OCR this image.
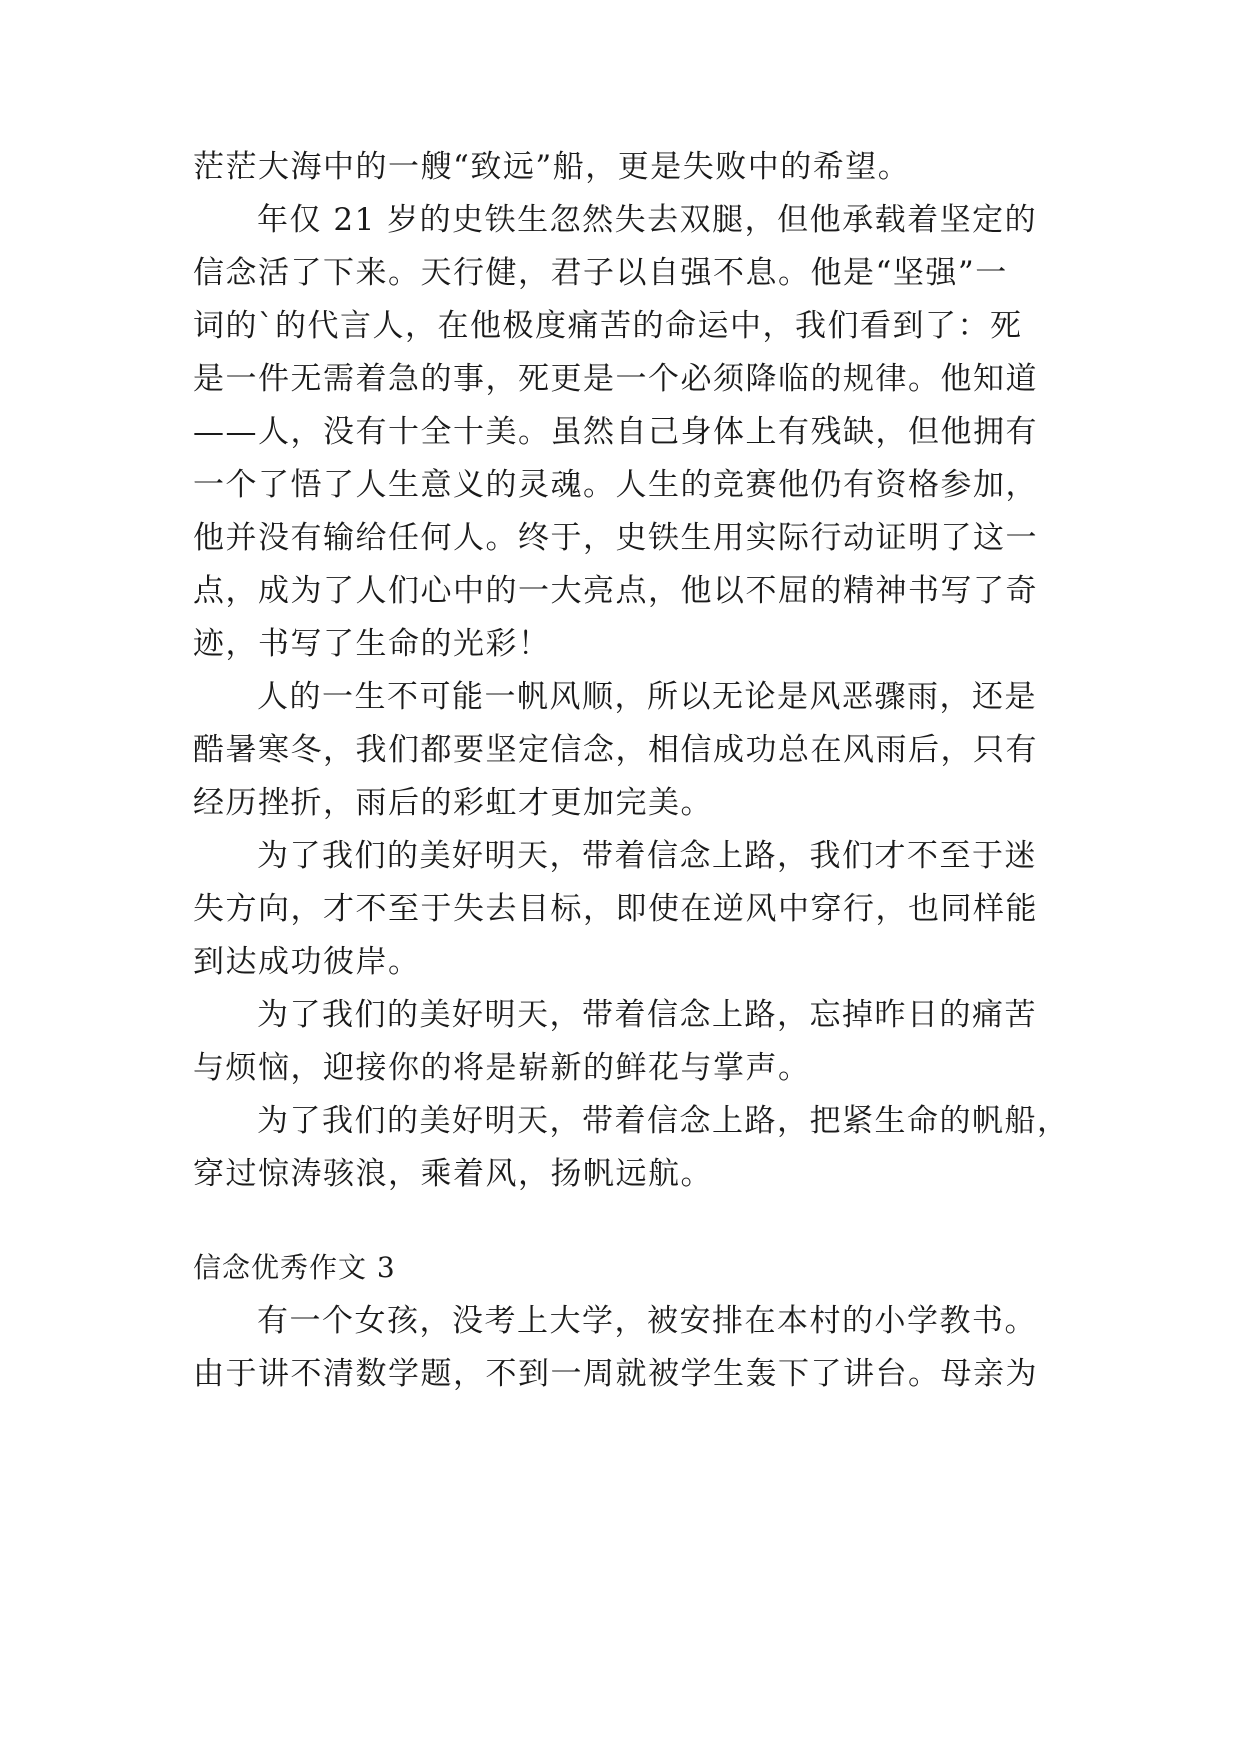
茫茫大海中的一艘“致远”船，更是失败中的希望。
年仅 21 岁的史铁生忽然失去双腿，但他承载着坚定的
信念活了下来。天行健，君子以自强不息。他是“坚强”一
词的`的代言人，在他极度痛苦的命运中，我们看到了：死
是一件无需着急的事，死更是一个必须降临的规律。他知道
——人，没有十全十美。虽然自己身体上有残缺，但他拥有
一个了悟了人生意义的灵魂。人生的竞赛他仍有资格参加，
他并没有输给任何人。终于，史铁生用实际行动证明了这一
点，成为了人们心中的一大亮点，他以不屈的精神书写了奇
迹，书写了生命的光彩！
人的一生不可能一帆风顺，所以无论是风恶骤雨，还是
酷暑寒冬，我们都要坚定信念，相信成功总在风雨后，只有
经历挫折，雨后的彩虹才更加完美。
为了我们的美好明天，带着信念上路，我们才不至于迷
失方向，才不至于失去目标，即使在逆风中穿行，也同样能
到达成功彼岸。
为了我们的美好明天，带着信念上路，忘掉昨日的痛苦
与烦恼，迎接你的将是崭新的鲜花与掌声。
为了我们的美好明天，带着信念上路，把紧生命的帆船，
穿过惊涛骇浪，乘着风，扬帆远航。
信念优秀作文 3
有一个女孩，没考上大学，被安排在本村的小学教书。
由于讲不清数学题，不到一周就被学生轰下了讲台。母亲为
